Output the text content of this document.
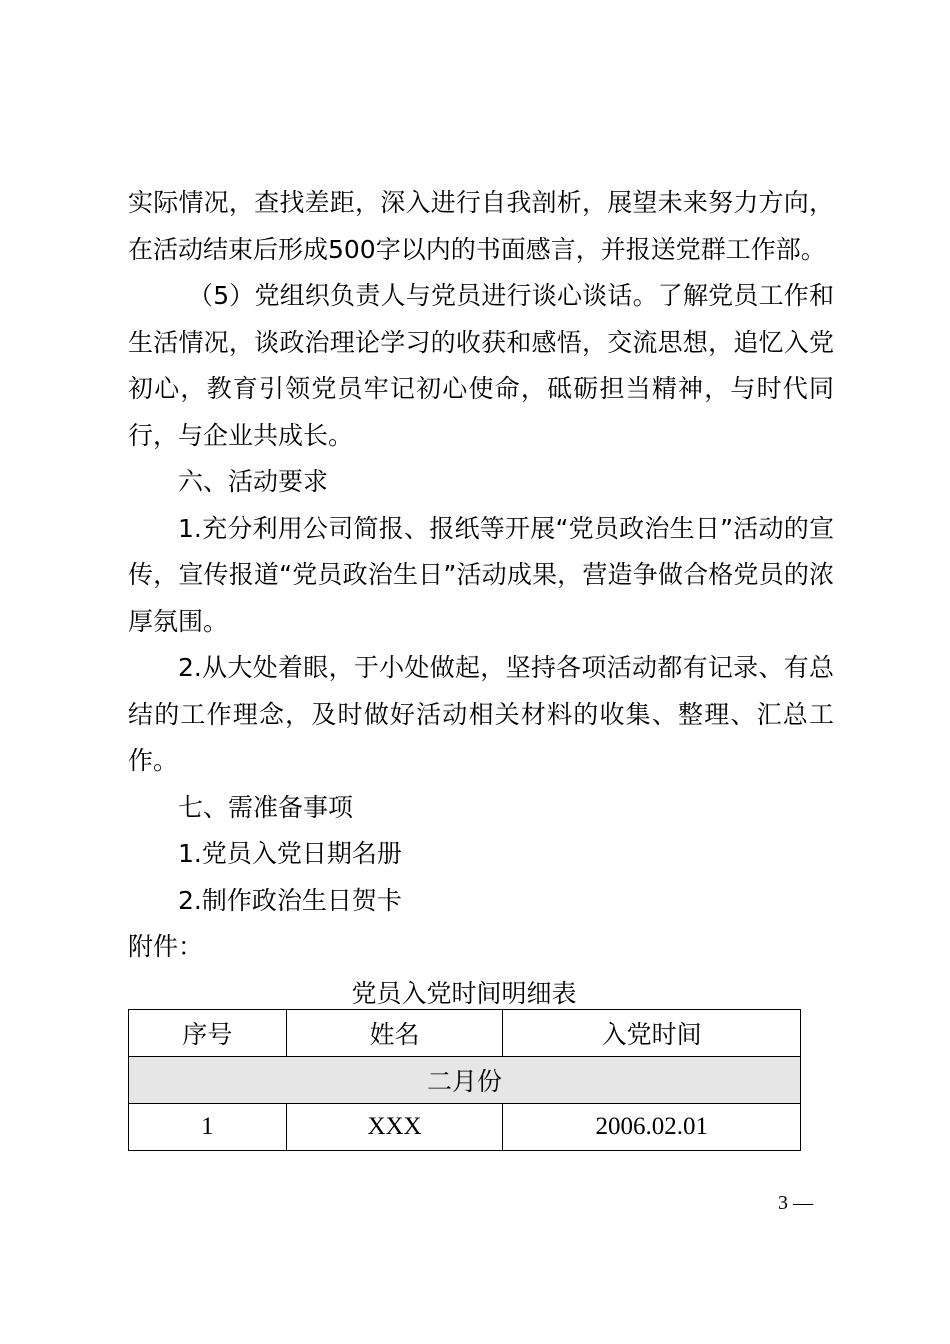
实际情况，查找差距，深入进行自我剖析，展望未来努力方向，在活动结束后形成500字以内的书面感言，并报送党群工作部。

（5）党组织负责人与党员进行谈心谈话。了解党员工作和生活情况，谈政治理论学习的收获和感悟，交流思想，追忆入党初心，教育引领党员牢记初心使命，砥砺担当精神，与时代同行，与企业共成长。

六、活动要求

1.充分利用公司简报、报纸等开展“党员政治生日”活动的宣传，宣传报道“党员政治生日”活动成果，营造争做合格党员的浓厚氛围。

2.从大处着眼，于小处做起，坚持各项活动都有记录、有总结的工作理念，及时做好活动相关材料的收集、整理、汇总工作。

七、需准备事项

1.党员入党日期名册

2.制作政治生日贺卡

附件：

党员入党时间明细表

序号	姓名	入党时间
二月份		
1	XXX	2006.02.01
3 —
